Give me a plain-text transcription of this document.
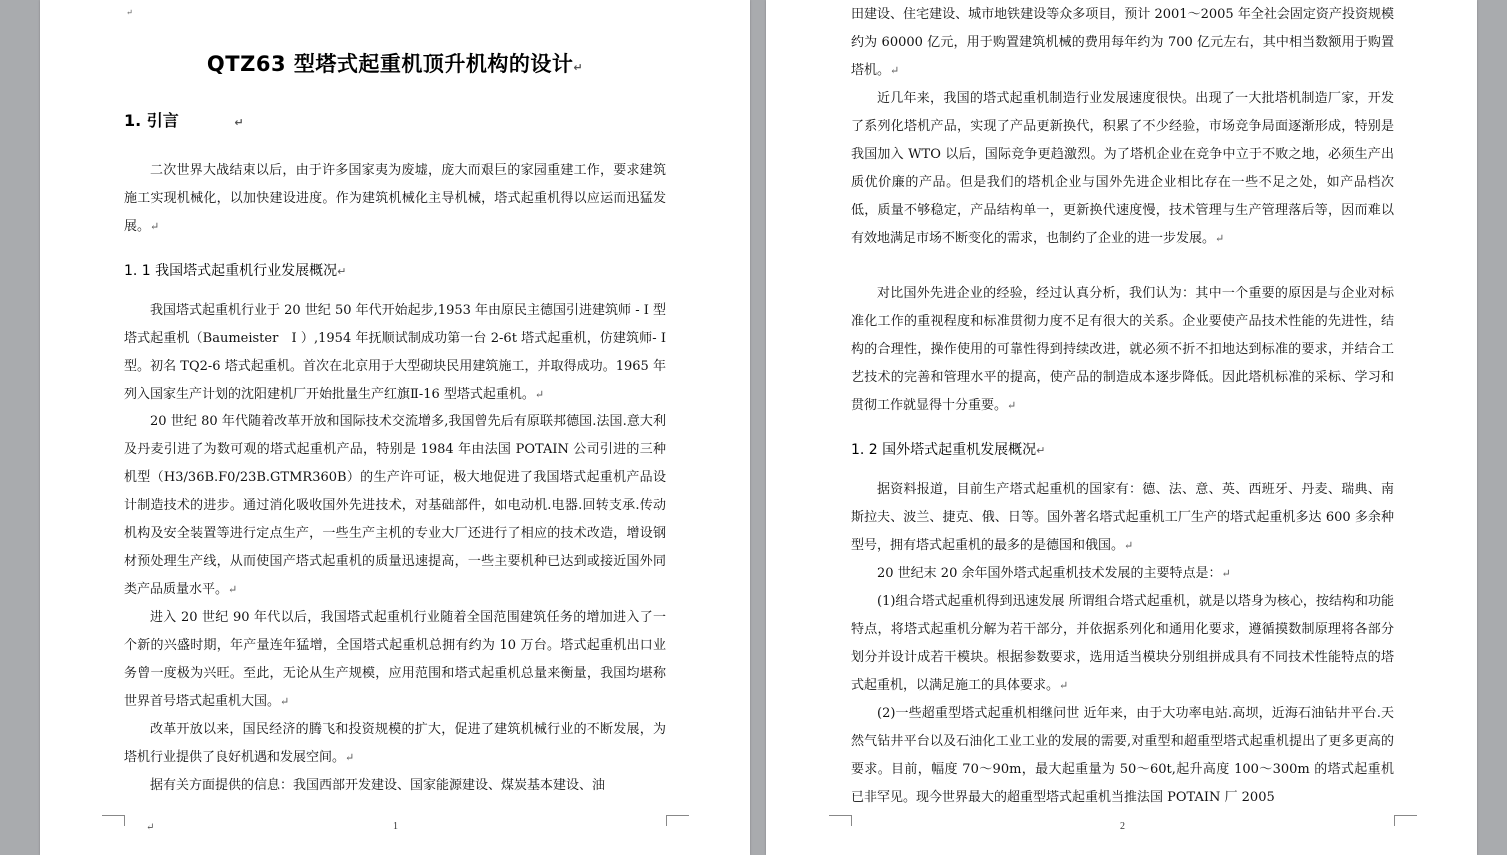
↵
QTZ63 型塔式起重机顶升机构的设计↵
1. 引言	↵

二次世界大战结束以后，由于许多国家夷为废墟，庞大而艰巨的家园重建工作，要求建筑施工实现机械化，以加快建设进度。作为建筑机械化主导机械，塔式起重机得以应运而迅猛发展。↵

1. 1 我国塔式起重机行业发展概况↵

我国塔式起重机行业于 20 世纪 50 年代开始起步,1953 年由原民主德国引进建筑师 - I 型塔式起重机（Baumeister　I ）,1954 年抚顺试制成功第一台 2-6t 塔式起重机，仿建筑师- I 型。初名 TQ2-6 塔式起重机。首次在北京用于大型砌块民用建筑施工，并取得成功。1965 年列入国家生产计划的沈阳建机厂开始批量生产红旗Ⅱ-16 型塔式起重机。↵

20 世纪 80 年代随着改革开放和国际技术交流增多,我国曾先后有原联邦德国.法国.意大利及丹麦引进了为数可观的塔式起重机产品，特别是 1984 年由法国 POTAIN 公司引进的三种机型（H3/36B.F0/23B.GTMR360B）的生产许可证，极大地促进了我国塔式起重机产品设计制造技术的进步。通过消化吸收国外先进技术，对基础部件，如电动机.电器.回转支承.传动机构及安全装置等进行定点生产，一些生产主机的专业大厂还进行了相应的技术改造，增设钢材预处理生产线，从而使国产塔式起重机的质量迅速提高，一些主要机种已达到或接近国外同类产品质量水平。↵

进入 20 世纪 90 年代以后，我国塔式起重机行业随着全国范围建筑任务的增加进入了一个新的兴盛时期，年产量连年猛增，全国塔式起重机总拥有约为 10 万台。塔式起重机出口业务曾一度极为兴旺。至此，无论从生产规模，应用范围和塔式起重机总量来衡量，我国均堪称世界首号塔式起重机大国。↵

改革开放以来，国民经济的腾飞和投资规模的扩大，促进了建筑机械行业的不断发展，为塔机行业提供了良好机遇和发展空间。↵

据有关方面提供的信息：我国西部开发建设、国家能源建设、煤炭基本建设、油

↵	1

田建设、住宅建设、城市地铁建设等众多项目，预计 2001～2005 年全社会固定资产投资规模约为 60000 亿元，用于购置建筑机械的费用每年约为 700 亿元左右，其中相当数额用于购置塔机。↵

近几年来，我国的塔式起重机制造行业发展速度很快。出现了一大批塔机制造厂家，开发了系列化塔机产品，实现了产品更新换代，积累了不少经验，市场竞争局面逐渐形成，特别是我国加入 WTO 以后，国际竞争更趋激烈。为了塔机企业在竞争中立于不败之地，必须生产出质优价廉的产品。但是我们的塔机企业与国外先进企业相比存在一些不足之处，如产品档次低，质量不够稳定，产品结构单一，更新换代速度慢，技术管理与生产管理落后等，因而难以有效地满足市场不断变化的需求，也制约了企业的进一步发展。↵

对比国外先进企业的经验，经过认真分析，我们认为：其中一个重要的原因是与企业对标准化工作的重视程度和标准贯彻力度不足有很大的关系。企业要使产品技术性能的先进性，结构的合理性，操作使用的可靠性得到持续改进，就必须不折不扣地达到标准的要求，并结合工艺技术的完善和管理水平的提高，使产品的制造成本逐步降低。因此塔机标准的采标、学习和贯彻工作就显得十分重要。↵

1. 2 国外塔式起重机发展概况↵

据资料报道，目前生产塔式起重机的国家有：德、法、意、英、西班牙、丹麦、瑞典、南斯拉夫、波兰、捷克、俄、日等。国外著名塔式起重机工厂生产的塔式起重机多达 600 多余种型号，拥有塔式起重机的最多的是德国和俄国。↵

20 世纪末 20 余年国外塔式起重机技术发展的主要特点是：↵

(1)组合塔式起重机得到迅速发展 所谓组合塔式起重机，就是以塔身为核心，按结构和功能特点，将塔式起重机分解为若干部分，并依据系列化和通用化要求，遵循摸数制原理将各部分划分并设计成若干模块。根据参数要求，选用适当模块分别组拼成具有不同技术性能特点的塔式起重机，以满足施工的具体要求。↵

(2)一些超重型塔式起重机相继问世 近年来，由于大功率电站.高坝，近海石油钻井平台.天然气钻井平台以及石油化工业工业的发展的需要,对重型和超重型塔式起重机提出了更多更高的要求。目前，幅度 70～90m，最大起重量为 50～60t,起升高度 100～300m 的塔式起重机已非罕见。现今世界最大的超重型塔式起重机当推法国 POTAIN 厂 2005

2
